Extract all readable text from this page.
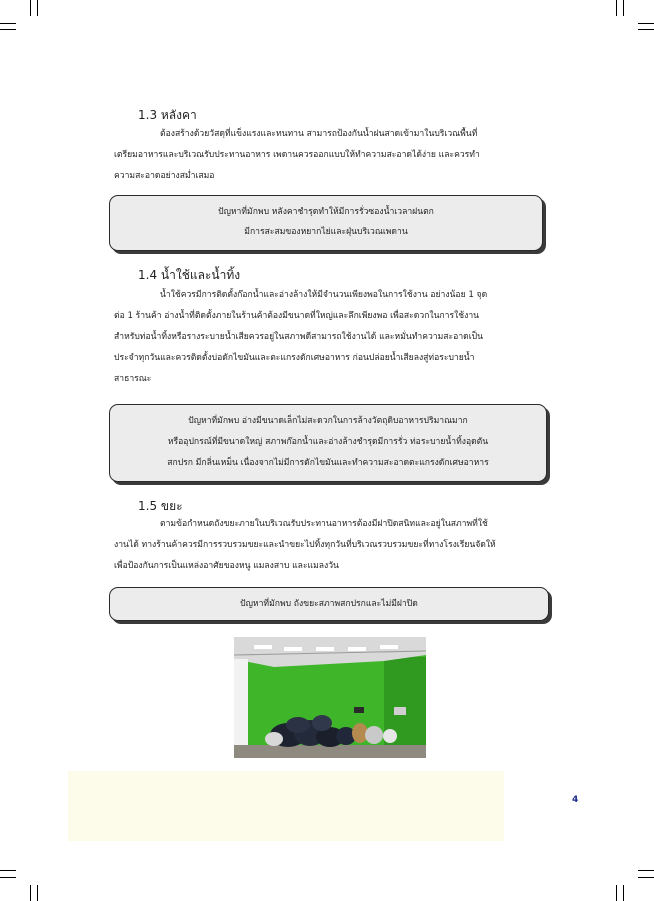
1.3 หลังคา
ต้องสร้างด้วยวัสดุที่แข็งแรงและทนทาน สามารถป้องกันน้ำฝนสาดเข้ามาในบริเวณพื้นที่
เตรียมอาหารและบริเวณรับประทานอาหาร เพดานควรออกแบบให้ทำความสะอาดได้ง่าย และควรทำ
ความสะอาดอย่างสม่ำเสมอ
ปัญหาที่มักพบ หลังคาชำรุดทำให้มีการรั่วซองน้ำเวลาฝนตก
มีการสะสมของหยากไย่และฝุ่นบริเวณเพดาน
1.4 น้ำใช้และน้ำทิ้ง
น้ำใช้ควรมีการติดตั้งก๊อกน้ำและอ่างล้างให้มีจำนวนเพียงพอในการใช้งาน อย่างน้อย 1 จุด
ต่อ 1 ร้านค้า อ่างน้ำที่ติดตั้งภายในร้านค้าต้องมีขนาดที่ใหญ่และลึกเพียงพอ เพื่อสะดวกในการใช้งาน
สำหรับท่อน้ำทิ้งหรือรางระบายน้ำเสียควรอยู่ในสภาพดีสามารถใช้งานได้ และหมั่นทำความสะอาดเป็น
ประจำทุกวันและควรติดตั้งบ่อดักไขมันและตะแกรงดักเศษอาหาร ก่อนปล่อยน้ำเสียลงสู่ท่อระบายน้ำ
สาธารณะ
ปัญหาที่มักพบ อ่างมีขนาดเล็กไม่สะดวกในการล้างวัตถุดิบอาหารปริมาณมาก
หรืออุปกรณ์ที่มีขนาดใหญ่ สภาพก๊อกน้ำและอ่างล้างชำรุดมีการรั่ว ท่อระบายน้ำทิ้งอุดตัน
สกปรก มีกลิ่นเหม็น เนื่องจากไม่มีการดักไขมันและทำความสะอาดตะแกรงดักเศษอาหาร
1.5 ขยะ
ตามข้อกำหนดถังขยะภายในบริเวณรับประทานอาหารต้องมีฝาปิดสนิทและอยู่ในสภาพที่ใช้
งานได้ ทางร้านค้าควรมีการรวบรวมขยะและนำขยะไปทิ้งทุกวันที่บริเวณรวบรวมขยะที่ทางโรงเรียนจัดให้
เพื่อป้องกันการเป็นแหล่งอาศัยของหนู แมลงสาบ และแมลงวัน
ปัญหาที่มักพบ ถังขยะสภาพสกปรกและไม่มีฝาปิด
4
